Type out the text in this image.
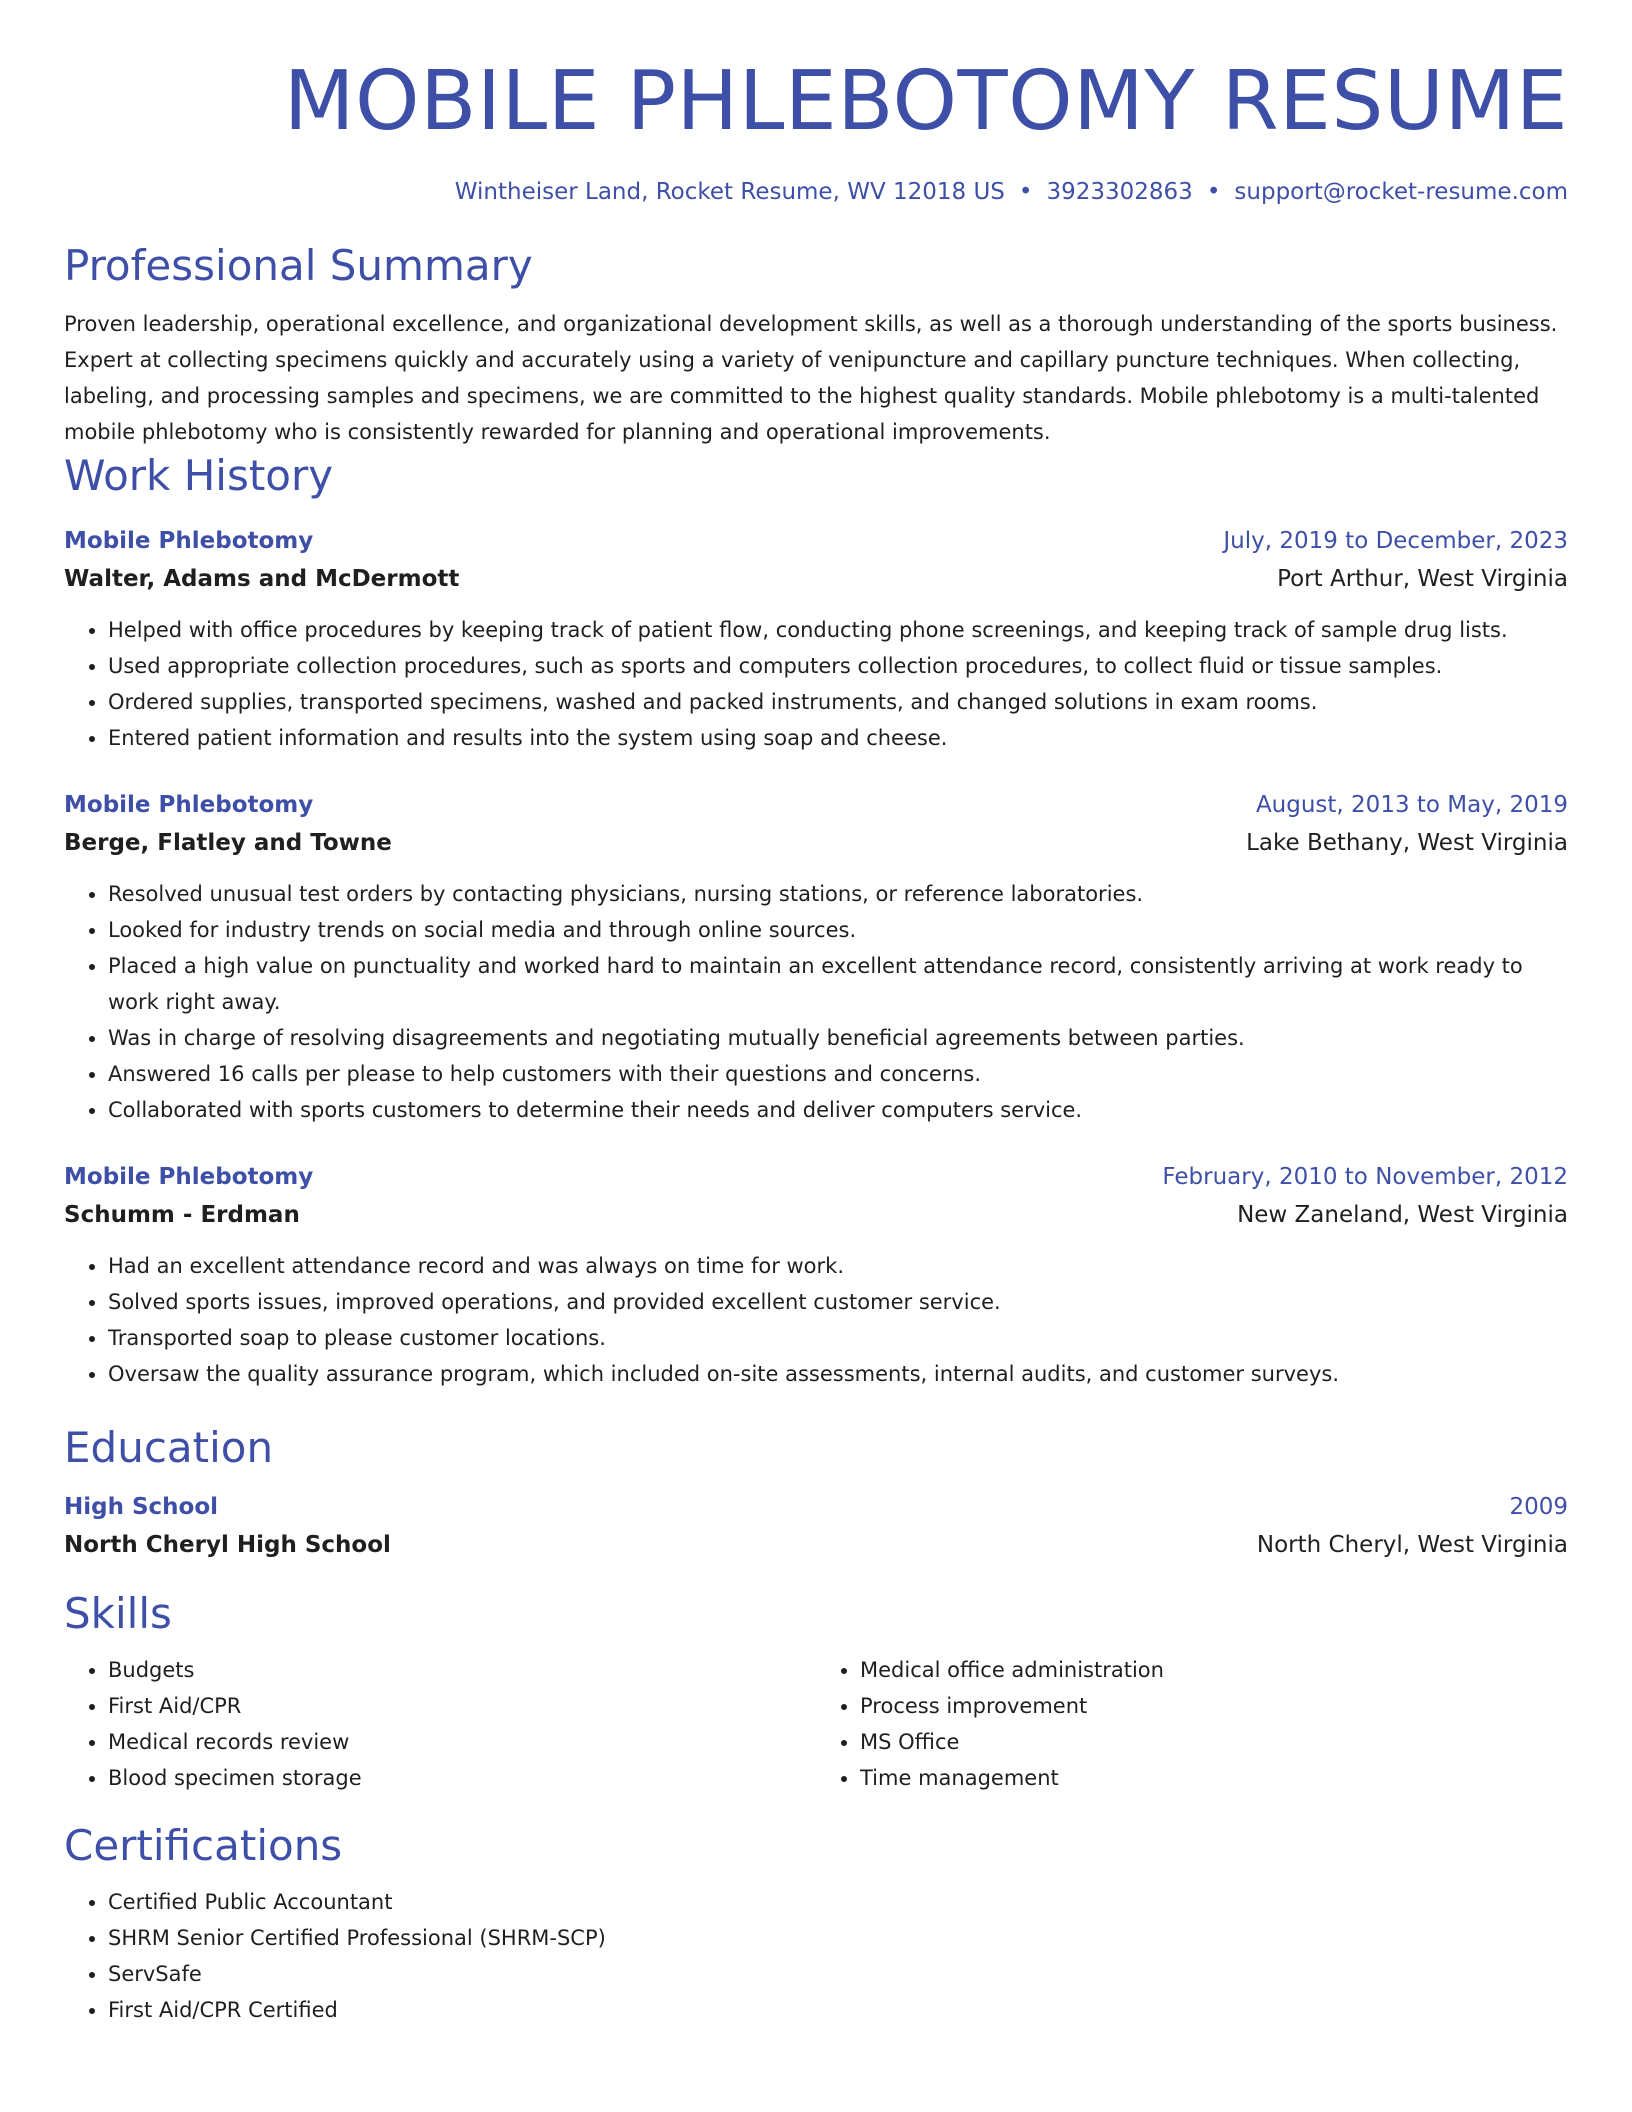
MOBILE PHLEBOTOMY RESUME
Wintheiser Land, Rocket Resume, WV 12018 US • 3923302863 • support@rocket-resume.com
Professional Summary

Proven leadership, operational excellence, and organizational development skills, as well as a thorough understanding of the sports business. Expert at collecting specimens quickly and accurately using a variety of venipuncture and capillary puncture techniques. When collecting, labeling, and processing samples and specimens, we are committed to the highest quality standards. Mobile phlebotomy is a multi-talented mobile phlebotomy who is consistently rewarded for planning and operational improvements.

Work History
Mobile Phlebotomy	July, 2019 to December, 2023
Walter, Adams and McDermott	Port Arthur, West Virginia
• Helped with office procedures by keeping track of patient flow, conducting phone screenings, and keeping track of sample drug lists.
• Used appropriate collection procedures, such as sports and computers collection procedures, to collect fluid or tissue samples.
• Ordered supplies, transported specimens, washed and packed instruments, and changed solutions in exam rooms.
• Entered patient information and results into the system using soap and cheese.
Mobile Phlebotomy	August, 2013 to May, 2019
Berge, Flatley and Towne	Lake Bethany, West Virginia
• Resolved unusual test orders by contacting physicians, nursing stations, or reference laboratories.
• Looked for industry trends on social media and through online sources.
• Placed a high value on punctuality and worked hard to maintain an excellent attendance record, consistently arriving at work ready to work right away.
• Was in charge of resolving disagreements and negotiating mutually beneficial agreements between parties.
• Answered 16 calls per please to help customers with their questions and concerns.
• Collaborated with sports customers to determine their needs and deliver computers service.
Mobile Phlebotomy	February, 2010 to November, 2012
Schumm - Erdman	New Zaneland, West Virginia
• Had an excellent attendance record and was always on time for work.
• Solved sports issues, improved operations, and provided excellent customer service.
• Transported soap to please customer locations.
• Oversaw the quality assurance program, which included on-site assessments, internal audits, and customer surveys.
Education
High School	2009
North Cheryl High School	North Cheryl, West Virginia
Skills
• Budgets
• First Aid/CPR
• Medical records review
• Blood specimen storage
• Medical office administration
• Process improvement
• MS Office
• Time management
Certifications
• Certified Public Accountant
• SHRM Senior Certified Professional (SHRM-SCP)
• ServSafe
• First Aid/CPR Certified
